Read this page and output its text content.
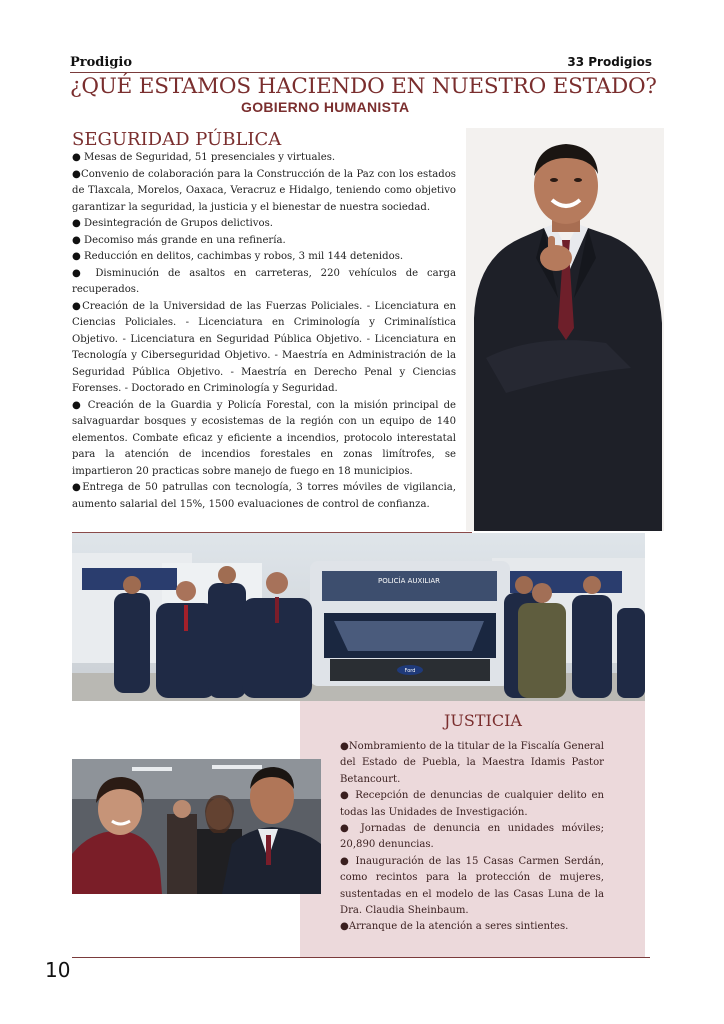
Prodigio	33 Prodigios
¿QUÉ ESTAMOS HACIENDO EN NUESTRO ESTADO?
GOBIERNO HUMANISTA
SEGURIDAD PÚBLICA

● Mesas de Seguridad, 51 presenciales y virtuales.

●Convenio de colaboración para la Construcción de la Paz con los estados de Tlaxcala, Morelos, Oaxaca, Veracruz e Hidalgo, teniendo como objetivo garantizar la seguridad, la justicia y el bienestar de nuestra sociedad.

● Desintegración de Grupos delictivos.

● Decomiso más grande en una refinería.

● Reducción en delitos, cachimbas y robos, 3 mil 144 detenidos.

● Disminución de asaltos en carreteras, 220 vehículos de carga recuperados.

●Creación de la Universidad de las Fuerzas Policiales. - Licenciatura en Ciencias Policiales. - Licenciatura en Criminología y Criminalística Objetivo. - Licenciatura en Seguridad Pública Objetivo. - Licenciatura en Tecnología y Ciberseguridad Objetivo. - Maestría en Administración de la Seguridad Pública Objetivo. - Maestría en Derecho Penal y Ciencias Forenses. - Doctorado en Criminología y Seguridad.

● Creación de la Guardia y Policía Forestal, con la misión principal de salvaguardar bosques y ecosistemas de la región con un equipo de 140 elementos. Combate eficaz y eficiente a incendios, protocolo interestatal para la atención de incendios forestales en zonas limítrofes, se impartieron 20 practicas sobre manejo de fuego en 18 municipios.

●Entrega de 50 patrullas con tecnología, 3 torres móviles de vigilancia, aumento salarial del 15%, 1500 evaluaciones de control de confianza.

POLICÍA AUXILIAR
Ford
JUSTICIA

●Nombramiento de la titular de la Fiscalía General del Estado de Puebla, la Maestra Idamis Pastor Betancourt.

● Recepción de denuncias de cualquier delito en todas las Unidades de Investigación.

● Jornadas de denuncia en unidades móviles; 20,890 denuncias.

● Inauguración de las 15 Casas Carmen Serdán, como recintos para la protección de mujeres, sustentadas en el modelo de las Casas Luna de la Dra. Claudia Sheinbaum.

●Arranque de la atención a seres sintientes.

10
